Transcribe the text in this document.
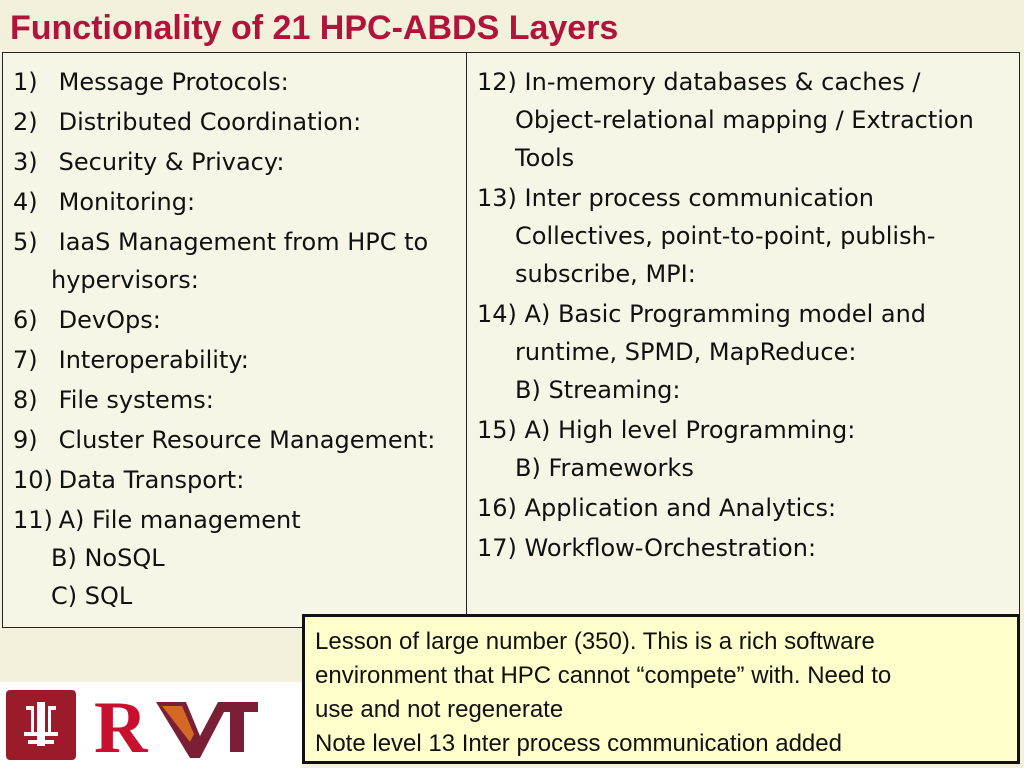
Functionality of 21 HPC-ABDS Layers
1) Message Protocols:
2) Distributed Coordination:
3) Security & Privacy:
4) Monitoring:
5) IaaS Management from HPC to
hypervisors:
6) DevOps:
7) Interoperability:
8) File systems:
9) Cluster Resource Management:
10) Data Transport:
11) A) File management
B) NoSQL
C) SQL
12) In-memory databases & caches /
Object-relational mapping / Extraction
Tools
13) Inter process communication
Collectives, point-to-point, publish-
subscribe, MPI:
14) A) Basic Programming model and
runtime, SPMD, MapReduce:
B) Streaming:
15) A) High level Programming:
B) Frameworks
16) Application and Analytics:
17) Workflow-Orchestration:
R
Lesson of large number (350). This is a rich software
environment that HPC cannot “compete” with. Need to
use and not regenerate
Note level 13 Inter process communication added
